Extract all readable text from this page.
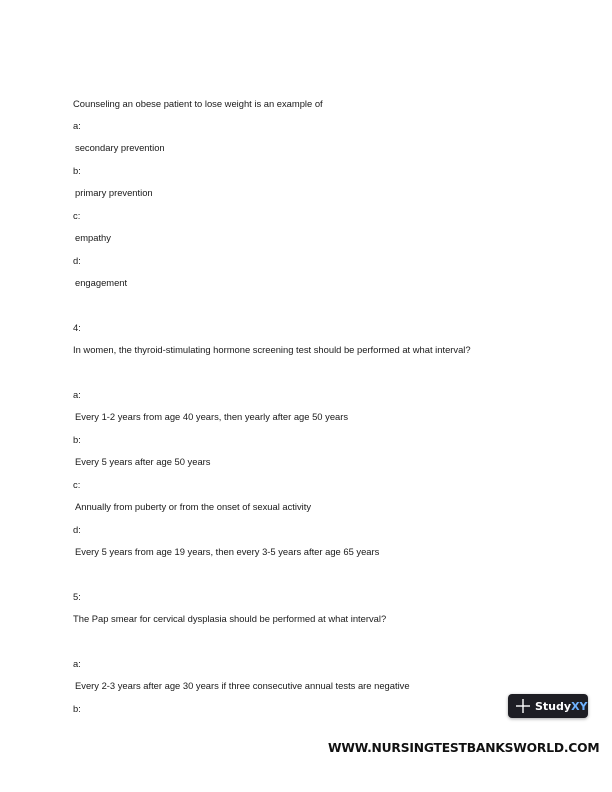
Counseling an obese patient to lose weight is an example of
a:
secondary prevention
b:
primary prevention
c:
empathy
d:
engagement
4:
In women, the thyroid-stimulating hormone screening test should be performed at what interval?
a:
Every 1-2 years from age 40 years, then yearly after age 50 years
b:
Every 5 years after age 50 years
c:
Annually from puberty or from the onset of sexual activity
d:
Every 5 years from age 19 years, then every 3-5 years after age 65 years
5:
The Pap smear for cervical dysplasia should be performed at what interval?
a:
Every 2-3 years after age 30 years if three consecutive annual tests are negative
b:	StudyXY
WWW.NURSINGTESTBANKSWORLD.COM
